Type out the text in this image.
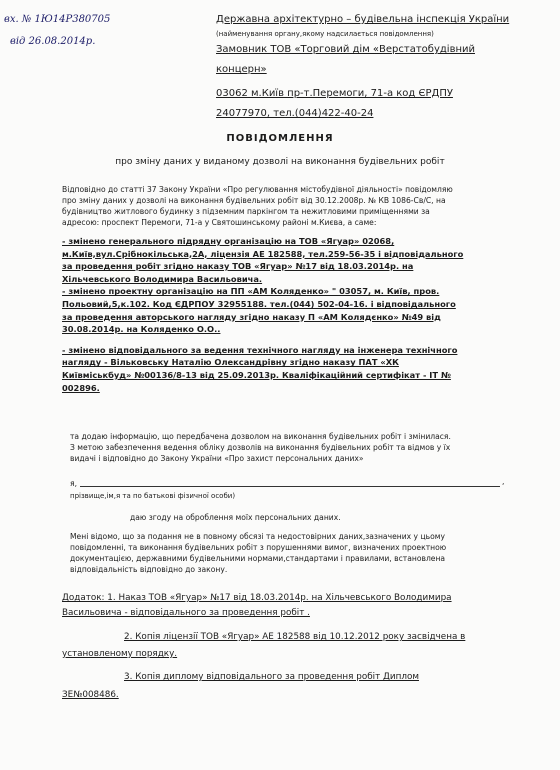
вх. № 1Ю14Р380705
від 26.08.2014р.
Державна архітектурно – будівельна інспекція України
(найменування органу,якому надсилається повідомлення)
Замовник ТОВ «Торговий дім «Верстатобудівний
концерн»
03062 м.Київ пр-т.Перемоги, 71-а код ЄРДПУ
24077970, тел.(044)422-40-24
ПОВІДОМЛЕННЯ
про зміну даних у виданому дозволі на виконання будівельних робіт
Відповідно до статті 37 Закону України «Про регулювання містобудівної діяльності» повідомляю
про зміну даних у дозволі на виконання будівельних робіт від 30.12.2008р. № КВ 1086-Св/С, на
будівництво житлового будинку з підземним паркінгом та нежитловими приміщеннями за
адресою: проспект Перемоги, 71-а у Святошинському районі м.Києва, а саме:
- змінено генерального підрядну організацію на ТОВ «Ягуар» 02068,
м.Київ,вул.Срібнокільська,2А, ліцензія АЕ 182588, тел.259-56-35 і відповідального
за проведення робіт згідно наказу ТОВ «Ягуар» №17 від 18.03.2014р. на
Хільчевського Володимира Васильовича.
- змінено проектну організацію на ПП «АМ Коляденко» " 03057, м. Київ, пров.
Польовий,5,к.102. Код ЄДРПОУ 32955188. тел.(044) 502-04-16. і відповідального
за проведення авторського нагляду згідно наказу П «АМ Колядєнко» №49 від
30.08.2014р. на Коляденко О.О..
- змінено відповідального за ведення технічного нагляду на інженера технічного
нагляду - Вільковську Наталію Олександрівну згідно наказу ПАТ «ХК
Київміськбуд» №00136/8-13 від 25.09.2013р. Кваліфікаційний сертифікат - ІТ №
002896.
та додаю інформацію, що передбачена дозволом на виконання будівельних робіт і змінилася.
З метою забезпечення ведення обліку дозволів на виконання будівельних робіт та відмов у їх
видачі і відповідно до Закону України «Про захист персональних даних»
я,	,
прізвище,ім,я та по батькові фізичної особи)
даю згоду на оброблення моїх персональних даних.
Мені відомо, що за подання не в повному обсязі та недостовірних даних,зазначених у цьому
повідомленні, та виконання будівельних робіт з порушеннями вимог, визначених проектною
документацією, державними будівельними нормами,стандартами і правилами, встановлена
відповідальність відповідно до закону.
Додаток: 1. Наказ ТОВ «Ягуар» №17 від 18.03.2014р. на Хільчевського Володимира
Васильовича - відповідального за проведення робіт .
2. Копія ліцензії ТОВ «Ягуар» АЕ 182588 від 10.12.2012 року засвідчена в
установленому порядку.
3. Копія диплому відповідального за проведення робіт Диплом
ЗЕ№008486.
